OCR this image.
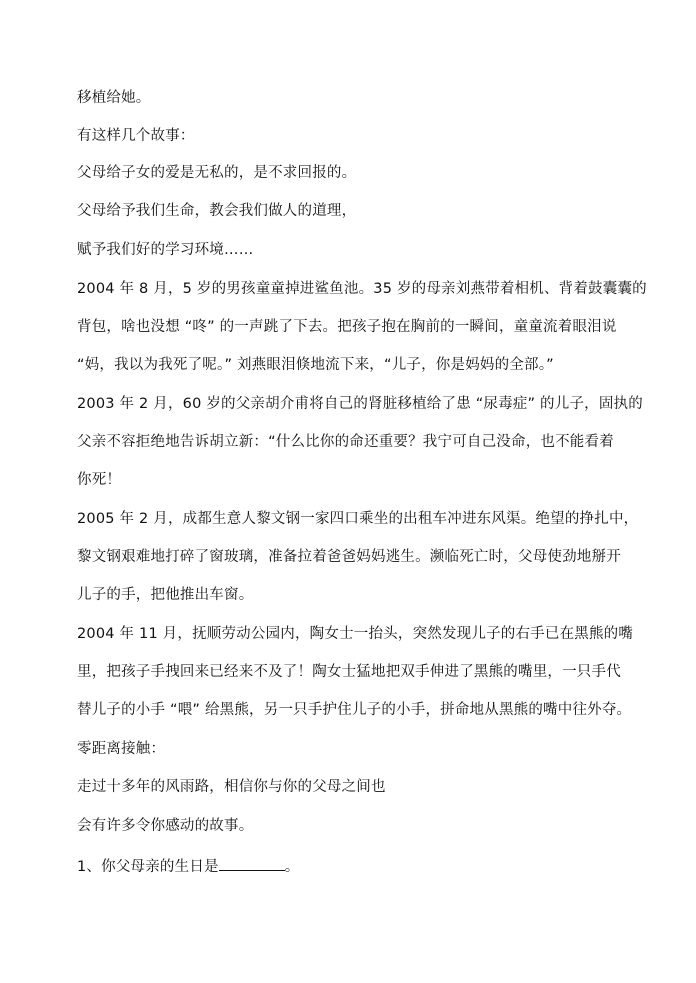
移植给她。
有这样几个故事：
父母给子女的爱是无私的，是不求回报的。
父母给予我们生命，教会我们做人的道理，
赋予我们好的学习环境……
2004 年 8 月，5 岁的男孩童童掉进鲨鱼池。35 岁的母亲刘燕带着相机、背着鼓囊囊的
背包，啥也没想 “咚” 的一声跳了下去。把孩子抱在胸前的一瞬间，童童流着眼泪说
“妈，我以为我死了呢。” 刘燕眼泪倏地流下来，“儿子，你是妈妈的全部。”
2003 年 2 月，60 岁的父亲胡介甫将自己的肾脏移植给了患 “尿毒症” 的儿子，固执的
父亲不容拒绝地告诉胡立新：“什么比你的命还重要？我宁可自己没命，也不能看着
你死！
2005 年 2 月，成都生意人黎文钢一家四口乘坐的出租车冲进东风渠。绝望的挣扎中，
黎文钢艰难地打碎了窗玻璃，准备拉着爸爸妈妈逃生。濒临死亡时，父母使劲地掰开
儿子的手，把他推出车窗。
2004 年 11 月，抚顺劳动公园内，陶女士一抬头，突然发现儿子的右手已在黑熊的嘴
里，把孩子手拽回来已经来不及了！陶女士猛地把双手伸进了黑熊的嘴里，一只手代
替儿子的小手 “喂” 给黑熊，另一只手护住儿子的小手，拼命地从黑熊的嘴中往外夺。
零距离接触：
走过十多年的风雨路，相信你与你的父母之间也
会有许多令你感动的故事。
1、你父母亲的生日是	。
